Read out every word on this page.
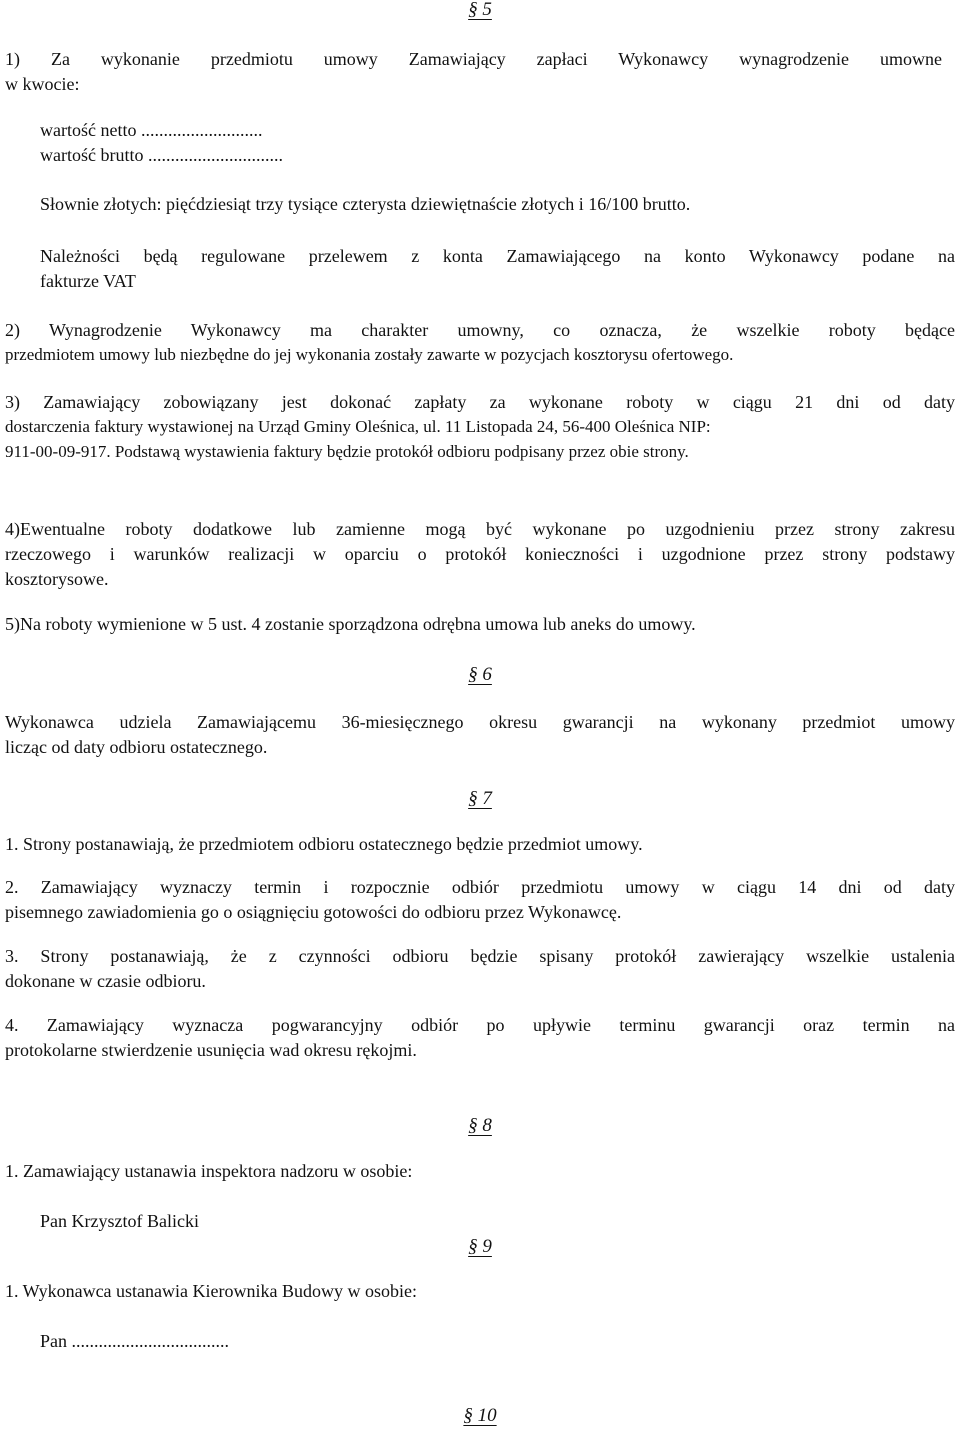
§ 5

1) Za wykonanie przedmiotu umowy Zamawiający zapłaci Wykonawcy wynagrodzenie umowne

w kwocie:

wartość netto ...........................

wartość brutto ..............................

Słownie złotych: pięćdziesiąt trzy tysiące czterysta dziewiętnaście złotych i 16/100 brutto.

Należności będą regulowane przelewem z konta Zamawiającego na konto Wykonawcy podane na

fakturze VAT

2) Wynagrodzenie Wykonawcy ma charakter umowny, co oznacza, że wszelkie roboty będące

przedmiotem umowy lub niezbędne do jej wykonania zostały zawarte w pozycjach kosztorysu ofertowego.

3) Zamawiający zobowiązany jest dokonać zapłaty za wykonane roboty w ciągu 21 dni od daty

dostarczenia faktury wystawionej na Urząd Gminy Oleśnica, ul. 11 Listopada 24, 56-400 Oleśnica NIP:

911-00-09-917. Podstawą wystawienia faktury będzie protokół odbioru podpisany przez obie strony.

4)Ewentualne roboty dodatkowe lub zamienne mogą być wykonane po uzgodnieniu przez strony zakresu

rzeczowego i warunków realizacji w oparciu o protokół konieczności i uzgodnione przez strony podstawy

kosztorysowe.

5)Na roboty wymienione w 5 ust. 4 zostanie sporządzona odrębna umowa lub aneks do umowy.

§ 6

Wykonawca udziela Zamawiającemu 36-miesięcznego okresu gwarancji na wykonany przedmiot umowy

licząc od daty odbioru ostatecznego.

§ 7

1. Strony postanawiają, że przedmiotem odbioru ostatecznego będzie przedmiot umowy.

2. Zamawiający wyznaczy termin i rozpocznie odbiór przedmiotu umowy w ciągu 14 dni od daty

pisemnego zawiadomienia go o osiągnięciu gotowości do odbioru przez Wykonawcę.

3. Strony postanawiają, że z czynności odbioru będzie spisany protokół zawierający wszelkie ustalenia

dokonane w czasie odbioru.

4. Zamawiający wyznacza pogwarancyjny odbiór po upływie terminu gwarancji oraz termin na

protokolarne stwierdzenie usunięcia wad okresu rękojmi.

§ 8

1. Zamawiający ustanawia inspektora nadzoru w osobie:

Pan Krzysztof Balicki

§ 9

1. Wykonawca ustanawia Kierownika Budowy w osobie:

Pan ...................................

§ 10
